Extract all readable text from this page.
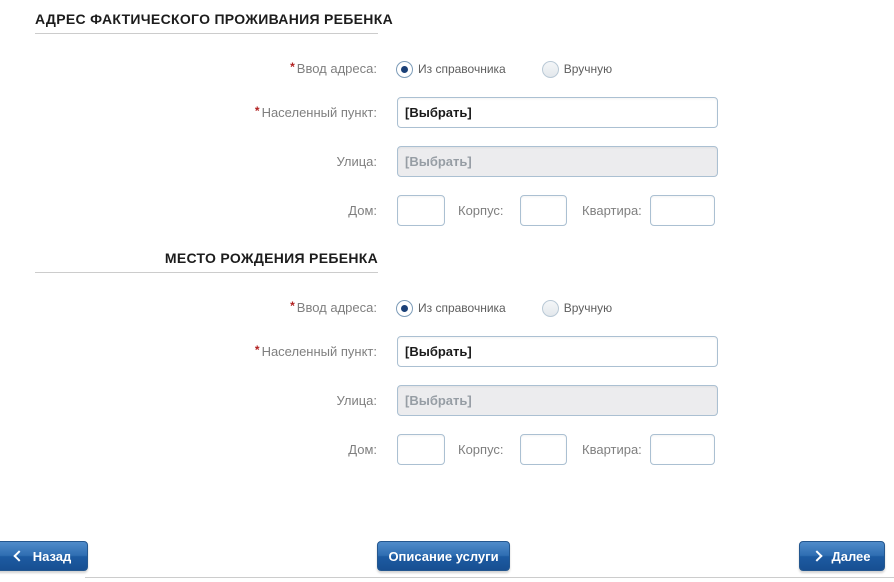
АДРЕС ФАКТИЧЕСКОГО ПРОЖИВАНИЯ РЕБЕНКА
* Ввод адреса:	Из справочника	Вручную
* Населенный пункт:
[Выбрать]
Улица:
[Выбрать]
Дом:	Корпус:	Квартира:
МЕСТО РОЖДЕНИЯ РЕБЕНКА
* Ввод адреса:	Из справочника	Вручную
* Населенный пункт:
[Выбрать]
Улица:
[Выбрать]
Дом:	Корпус:	Квартира:
Назад	Описание услуги	Далее
